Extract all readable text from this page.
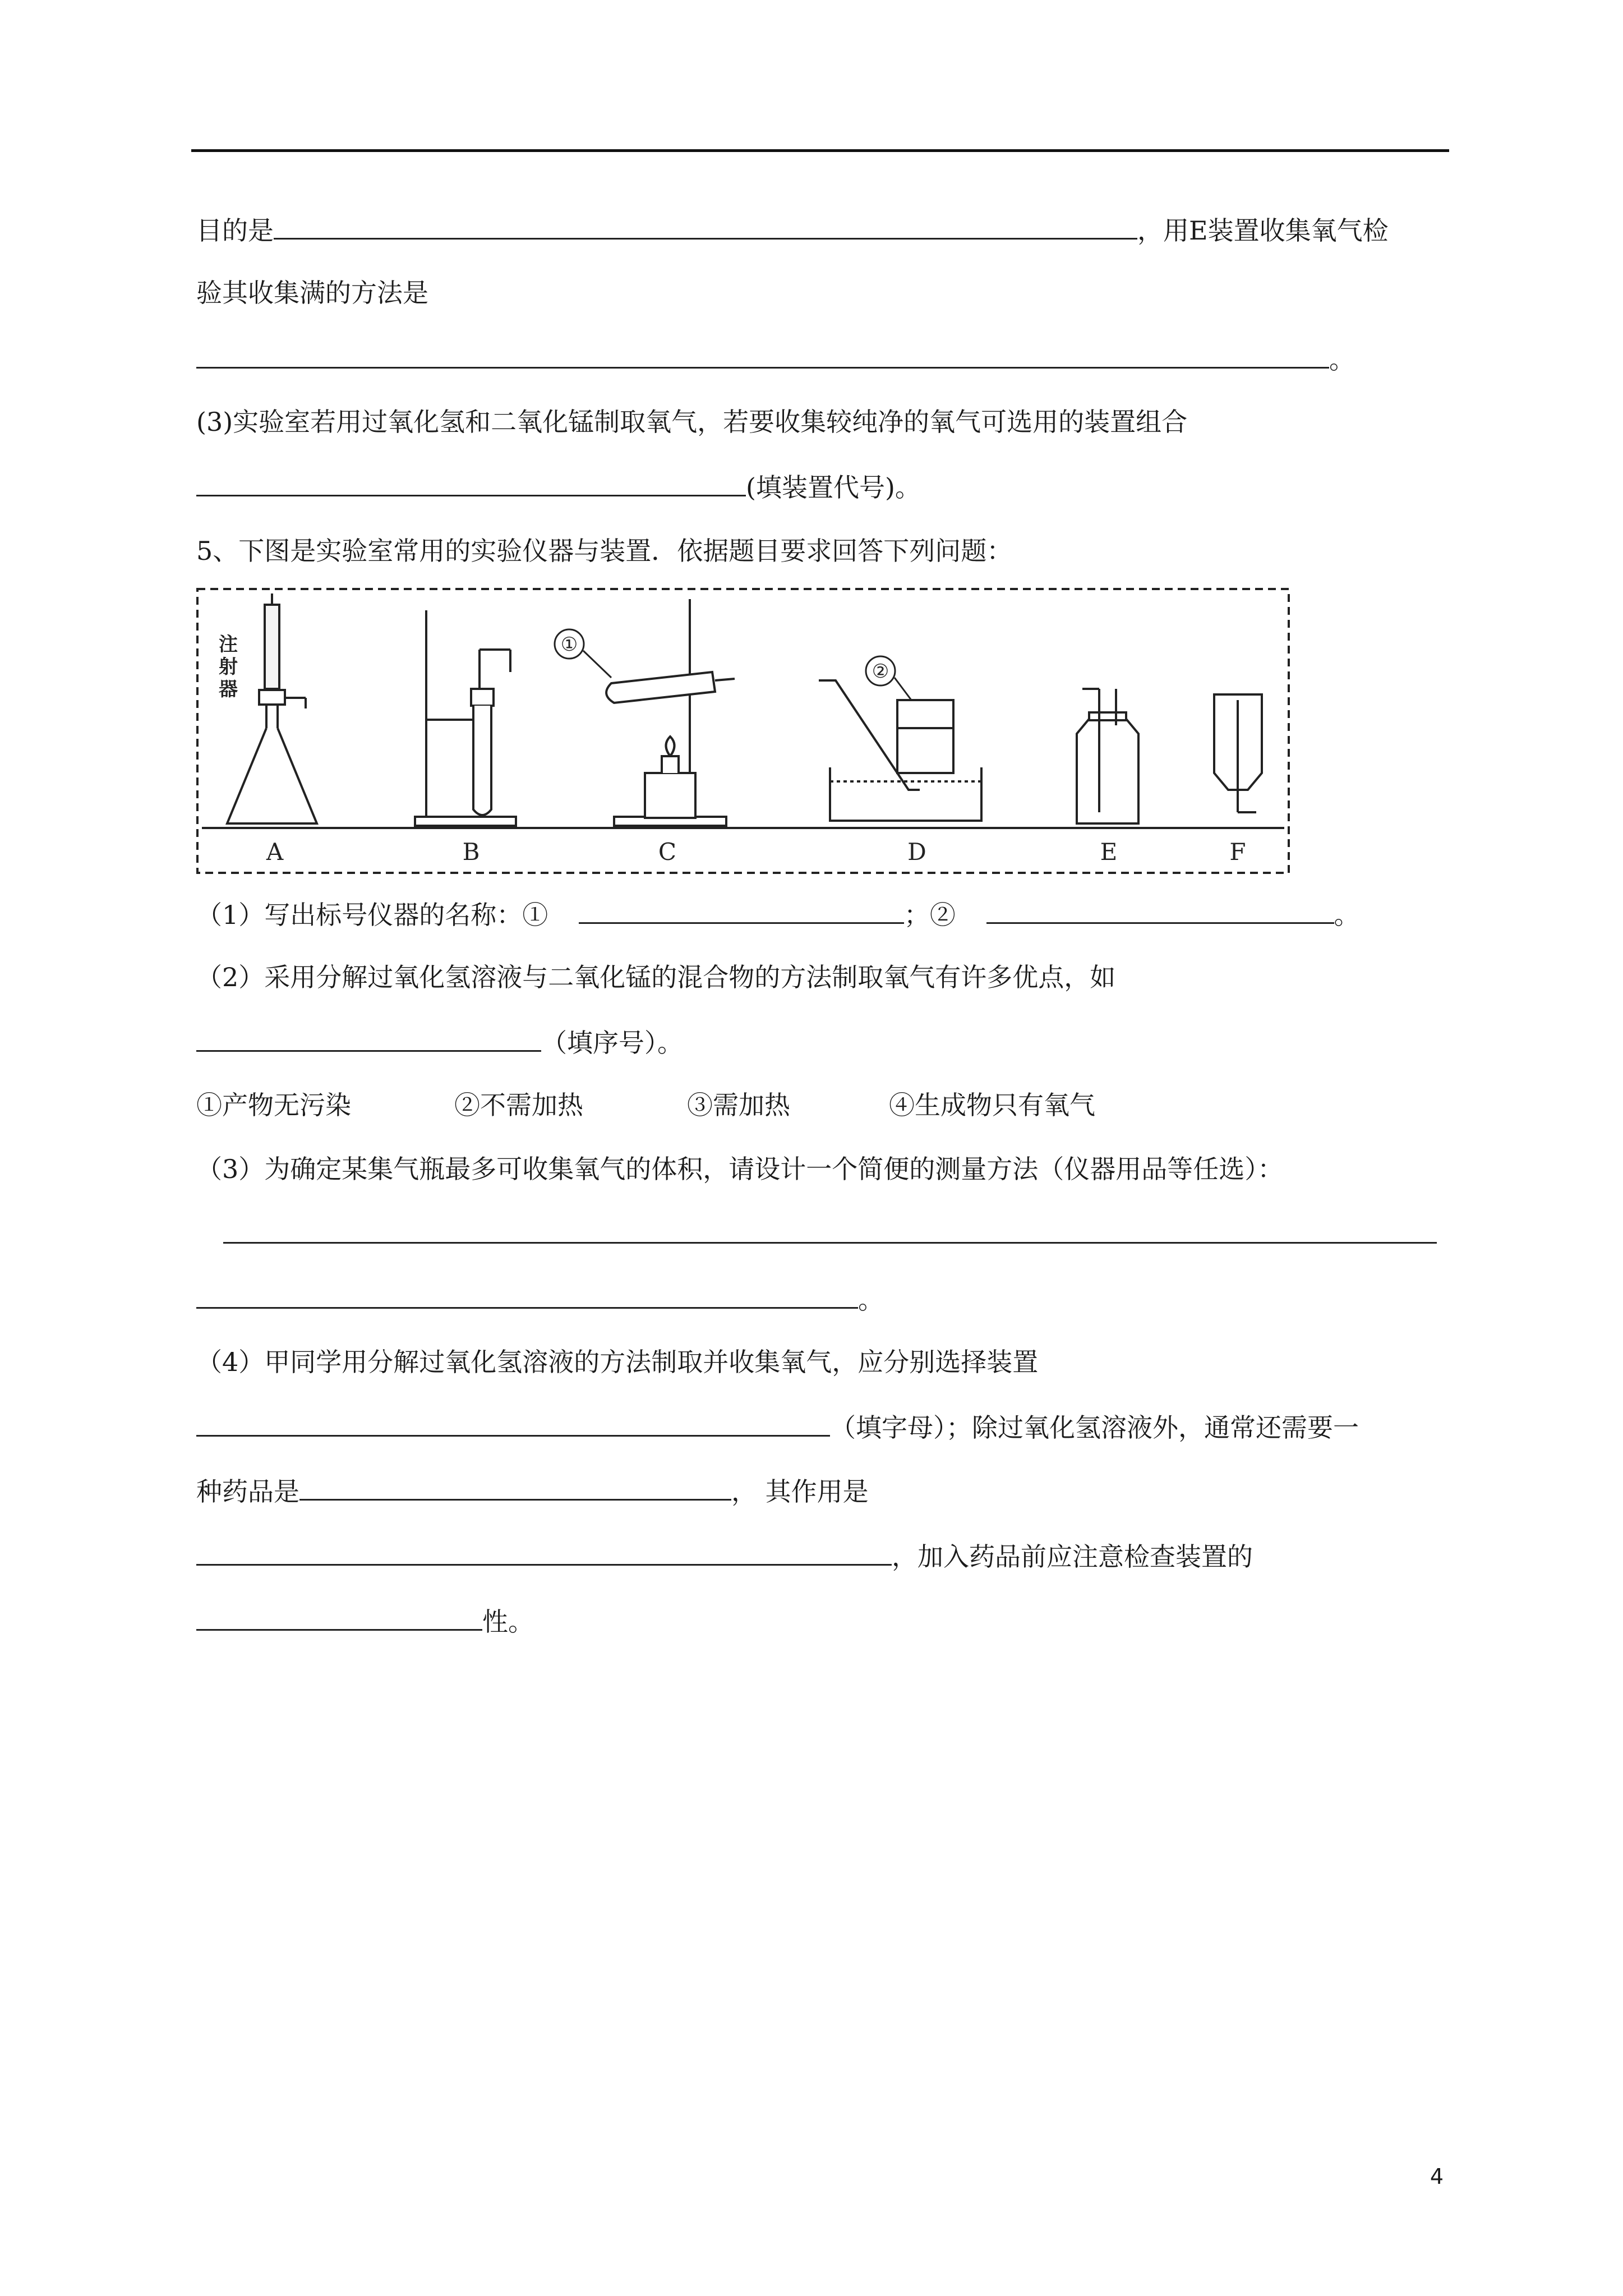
目的是	，用E装置收集氧气检
验其收集满的方法是
。
(3)实验室若用过氧化氢和二氧化锰制取氧气，若要收集较纯净的氧气可选用的装置组合
(填装置代号)。
5、下图是实验室常用的实验仪器与装置．依据题目要求回答下列问题：
注
射
器
①
②
A	B	C	D	E	F
（1）写出标号仪器的名称：①	；②	。
（2）采用分解过氧化氢溶液与二氧化锰的混合物的方法制取氧气有许多优点，如
（填序号）。
①产物无污染	②不需加热	③需加热	④生成物只有氧气
（3）为确定某集气瓶最多可收集氧气的体积，请设计一个简便的测量方法（仪器用品等任选）：
。
（4）甲同学用分解过氧化氢溶液的方法制取并收集氧气，应分别选择装置
（填字母）；除过氧化氢溶液外，通常还需要一
种药品是	， 其作用是
，加入药品前应注意检查装置的
性。
4
